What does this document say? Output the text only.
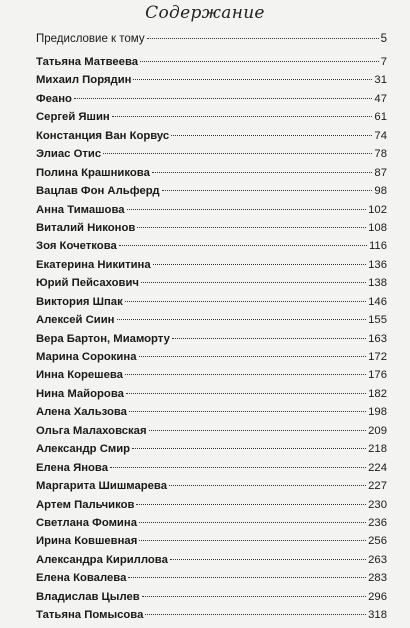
Содержание
Предисловие к тому	5
Татьяна Матвеева	7
Михаил Порядин	31
Феано	47
Сергей Яшин	61
Констанция Ван Корвус	74
Элиас Отис	78
Полина Крашникова	87
Вацлав Фон Альферд	98
Анна Тимашова	102
Виталий Никонов	108
Зоя Кочеткова	116
Екатерина Никитина	136
Юрий Пейсахович	138
Виктория Шпак	146
Алексей Сиин	155
Вера Бартон, Миаморту	163
Марина Сорокина	172
Инна Корешева	176
Нина Майорова	182
Алена Хальзова	198
Ольга Малаховская	209
Александр Смир	218
Елена Янова	224
Маргарита Шишмарева	227
Артем Пальчиков	230
Светлана Фомина	236
Ирина Ковшевная	256
Александра Кириллова	263
Елена Ковалева	283
Владислав Цылев	296
Татьяна Помысова	318
